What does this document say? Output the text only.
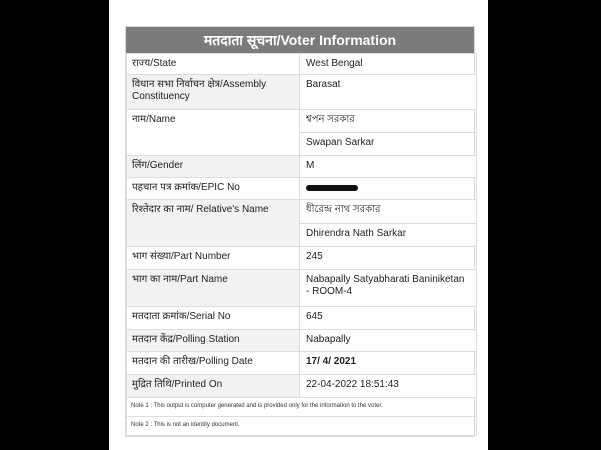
मतदाता सूचना/Voter Information
राज्य/State	West Bengal
विधान सभा निर्वाचन क्षेत्र/Assembly Constituency	Barasat
नाम/Name	শ্বপন সরকার
	Swapan Sarkar
लिंग/Gender	M
पहचान पत्र क्रमांक/EPIC No	
रिश्तेदार का नाम/ Relative's Name	ধীরেন্দ্র নাথ সরকার
	Dhirendra Nath Sarkar
भाग संख्या/Part Number	245
भाग का नाम/Part Name	Nabapally Satyabharati Baniniketan - ROOM-4
मतदाता क्रमांक/Serial No	645
मतदान केंद्र/Polling Station	Nabapally
मतदान की तारीख/Polling Date	17/ 4/ 2021
मुद्रित तिथि/Printed On	22-04-2022 18:51:43
Note 1 : This output is computer generated and is provided only for the information to the voter.	
Note 2 : This is not an identity document.	
